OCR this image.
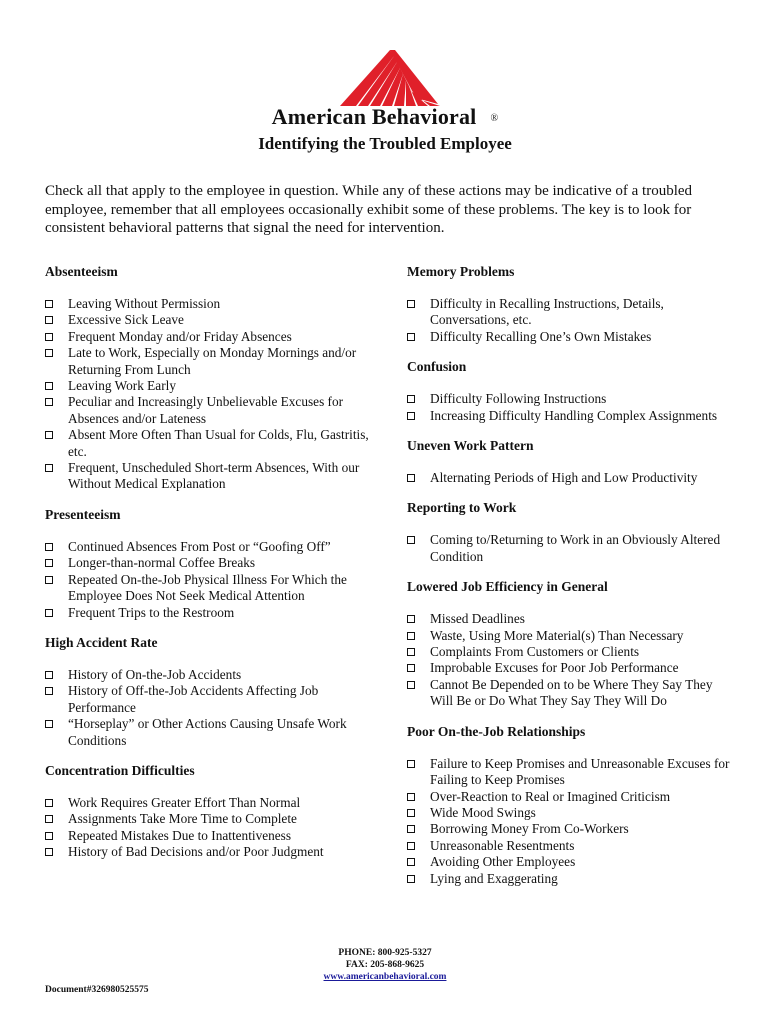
American Behavioral ®
Identifying the Troubled Employee
Check all that apply to the employee in question. While any of these actions may be indicative of a troubled employee, remember that all employees occasionally exhibit some of these problems. The key is to look for consistent behavioral patterns that signal the need for intervention.
Absenteeism
Leaving Without Permission
Excessive Sick Leave
Frequent Monday and/or Friday Absences
Late to Work, Especially on Monday Mornings and/or Returning From Lunch
Leaving Work Early
Peculiar and Increasingly Unbelievable Excuses for Absences and/or Lateness
Absent More Often Than Usual for Colds, Flu, Gastritis, etc.
Frequent, Unscheduled Short-term Absences, With our Without Medical Explanation
Presenteeism
Continued Absences From Post or “Goofing Off”
Longer-than-normal Coffee Breaks
Repeated On-the-Job Physical Illness For Which the Employee Does Not Seek Medical Attention
Frequent Trips to the Restroom
High Accident Rate
History of On-the-Job Accidents
History of Off-the-Job Accidents Affecting Job Performance
“Horseplay” or Other Actions Causing Unsafe Work Conditions
Concentration Difficulties
Work Requires Greater Effort Than Normal
Assignments Take More Time to Complete
Repeated Mistakes Due to Inattentiveness
History of Bad Decisions and/or Poor Judgment
Memory Problems
Difficulty in Recalling Instructions, Details, Conversations, etc.
Difficulty Recalling One’s Own Mistakes
Confusion
Difficulty Following Instructions
Increasing Difficulty Handling Complex Assignments
Uneven Work Pattern
Alternating Periods of High and Low Productivity
Reporting to Work
Coming to/Returning to Work in an Obviously Altered Condition
Lowered Job Efficiency in General
Missed Deadlines
Waste, Using More Material(s) Than Necessary
Complaints From Customers or Clients
Improbable Excuses for Poor Job Performance
Cannot Be Depended on to be Where They Say They Will Be or Do What They Say They Will Do
Poor On-the-Job Relationships
Failure to Keep Promises and Unreasonable Excuses for Failing to Keep Promises
Over-Reaction to Real or Imagined Criticism
Wide Mood Swings
Borrowing Money From Co-Workers
Unreasonable Resentments
Avoiding Other Employees
Lying and Exaggerating
PHONE: 800-925-5327
FAX: 205-868-9625
www.americanbehavioral.com
Document#326980525575
